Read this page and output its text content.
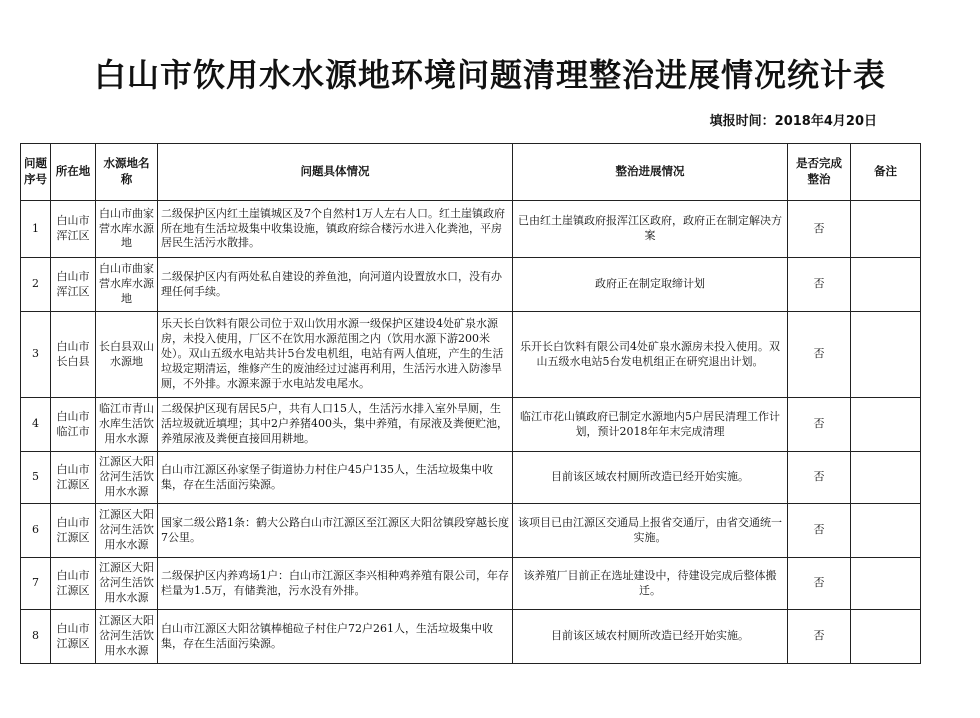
白山市饮用水水源地环境问题清理整治进展情况统计表
填报时间：2018年4月20日
问题序号	所在地	水源地名称	问题具体情况	整治进展情况	是否完成整治	备注
1	白山市浑江区	白山市曲家营水库水源地	二级保护区内红土崖镇城区及7个自然村1万人左右人口。红土崖镇政府所在地有生活垃圾集中收集设施，镇政府综合楼污水进入化粪池，平房居民生活污水散排。	已由红土崖镇政府报浑江区政府，政府正在制定解决方案	否	
2	白山市浑江区	白山市曲家营水库水源地	二级保护区内有两处私自建设的养鱼池，向河道内设置放水口，没有办理任何手续。	政府正在制定取缔计划	否	
3	白山市长白县	长白县双山水源地	乐天长白饮料有限公司位于双山饮用水源一级保护区建设4处矿泉水源房，未投入使用，厂区不在饮用水源范围之内（饮用水源下游200米处）。双山五级水电站共计5台发电机组，电站有两人值班，产生的生活垃圾定期清运，维修产生的废油经过过滤再利用，生活污水进入防渗旱厕，不外排。水源来源于水电站发电尾水。	乐开长白饮料有限公司4处矿泉水源房未投入使用。双山五级水电站5台发电机组正在研究退出计划。	否	
4	白山市临江市	临江市青山水库生活饮用水水源	二级保护区现有居民5户，共有人口15人，生活污水排入室外旱厕，生活垃圾就近填埋；其中2户养猪400头，集中养殖，有尿液及粪便贮池，养殖尿液及粪便直接回用耕地。	临江市花山镇政府已制定水源地内5户居民清理工作计划，预计2018年年末完成清理	否	
5	白山市江源区	江源区大阳岔河生活饮用水水源	白山市江源区孙家堡子街道协力村住户45户135人，生活垃圾集中收集，存在生活面污染源。	目前该区域农村厕所改造已经开始实施。	否	
6	白山市江源区	江源区大阳岔河生活饮用水水源	国家二级公路1条：鹤大公路白山市江源区至江源区大阳岔镇段穿越长度7公里。	该项目已由江源区交通局上报省交通厅，由省交通统一实施。	否	
7	白山市江源区	江源区大阳岔河生活饮用水水源	二级保护区内养鸡场1户：白山市江源区李兴相种鸡养殖有限公司，年存栏量为1.5万，有储粪池，污水没有外排。	该养殖厂目前正在选址建设中，待建设完成后整体搬迁。	否	
8	白山市江源区	江源区大阳岔河生活饮用水水源	白山市江源区大阳岔镇棒槌砬子村住户72户261人，生活垃圾集中收集，存在生活面污染源。	目前该区域农村厕所改造已经开始实施。	否	
